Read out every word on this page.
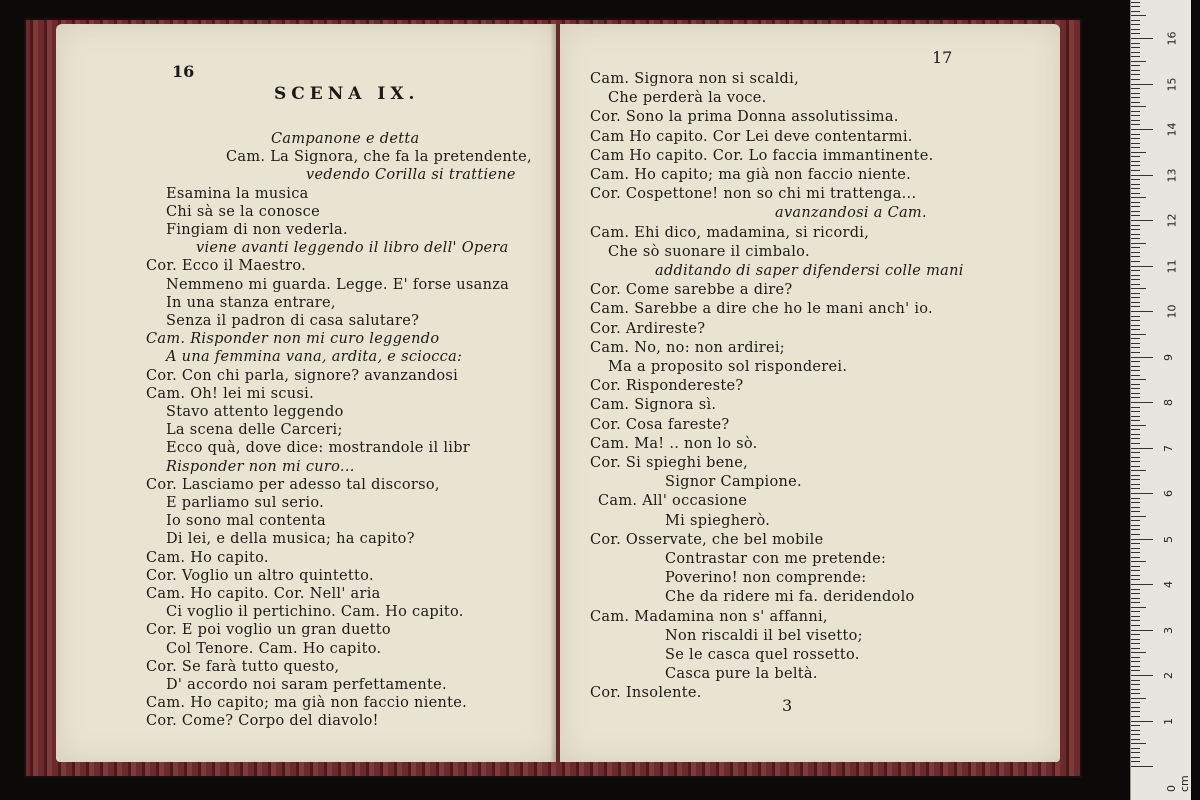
16
SCENA IX.
Campanone e detta
Cam. La Signora, che fa la pretendente,
vedendo Corilla si trattiene
Esamina la musica
Chi sà se la conosce
Fingiam di non vederla.
viene avanti leggendo il libro dell' Opera
Cor. Ecco il Maestro.
Nemmeno mi guarda. Legge. E' forse usanza
In una stanza entrare,
Senza il padron di casa salutare?
Cam. Risponder non mi curo leggendo
A una femmina vana, ardita, e sciocca:
Cor. Con chi parla, signore? avanzandosi
Cam. Oh! lei mi scusi.
Stavo attento leggendo
La scena delle Carceri;
Ecco quà, dove dice: mostrandole il libr
Risponder non mi curo...
Cor. Lasciamo per adesso tal discorso,
E parliamo sul serio.
Io sono mal contenta
Di lei, e della musica; ha capito?
Cam. Ho capito.
Cor. Voglio un altro quintetto.
Cam. Ho capito. Cor. Nell' aria
Ci voglio il pertichino. Cam. Ho capito.
Cor. E poi voglio un gran duetto
Col Tenore. Cam. Ho capito.
Cor. Se farà tutto questo,
D' accordo noi saram perfettamente.
Cam. Ho capito; ma già non faccio niente.
Cor. Come? Corpo del diavolo!
17
3
Cam. Signora non si scaldi,
Che perderà la voce.
Cor. Sono la prima Donna assolutissima.
Cam Ho capito. Cor Lei deve contentarmi.
Cam Ho capito. Cor. Lo faccia immantinente.
Cam. Ho capito; ma già non faccio niente.
Cor. Cospettone! non so chi mi trattenga...
avanzandosi a Cam.
Cam. Ehi dico, madamina, si ricordi,
Che sò suonare il cimbalo.
additando di saper difendersi colle mani
Cor. Come sarebbe a dire?
Cam. Sarebbe a dire che ho le mani anch' io.
Cor. Ardireste?
Cam. No, no: non ardirei;
Ma a proposito sol risponderei.
Cor. Rispondereste?
Cam. Signora sì.
Cor. Cosa fareste?
Cam. Ma! .. non lo sò.
Cor. Si spieghi bene,
Signor Campione.
Cam. All' occasione
Mi spiegherò.
Cor. Osservate, che bel mobile
Contrastar con me pretende:
Poverino! non comprende:
Che da ridere mi fa. deridendolo
Cam. Madamina non s' affanni,
Non riscaldi il bel visetto;
Se le casca quel rossetto.
Casca pure la beltà.
Cor. Insolente.
0 cm
1
2
3
4
5
6
7
8
9
10
11
12
13
14
15
16
